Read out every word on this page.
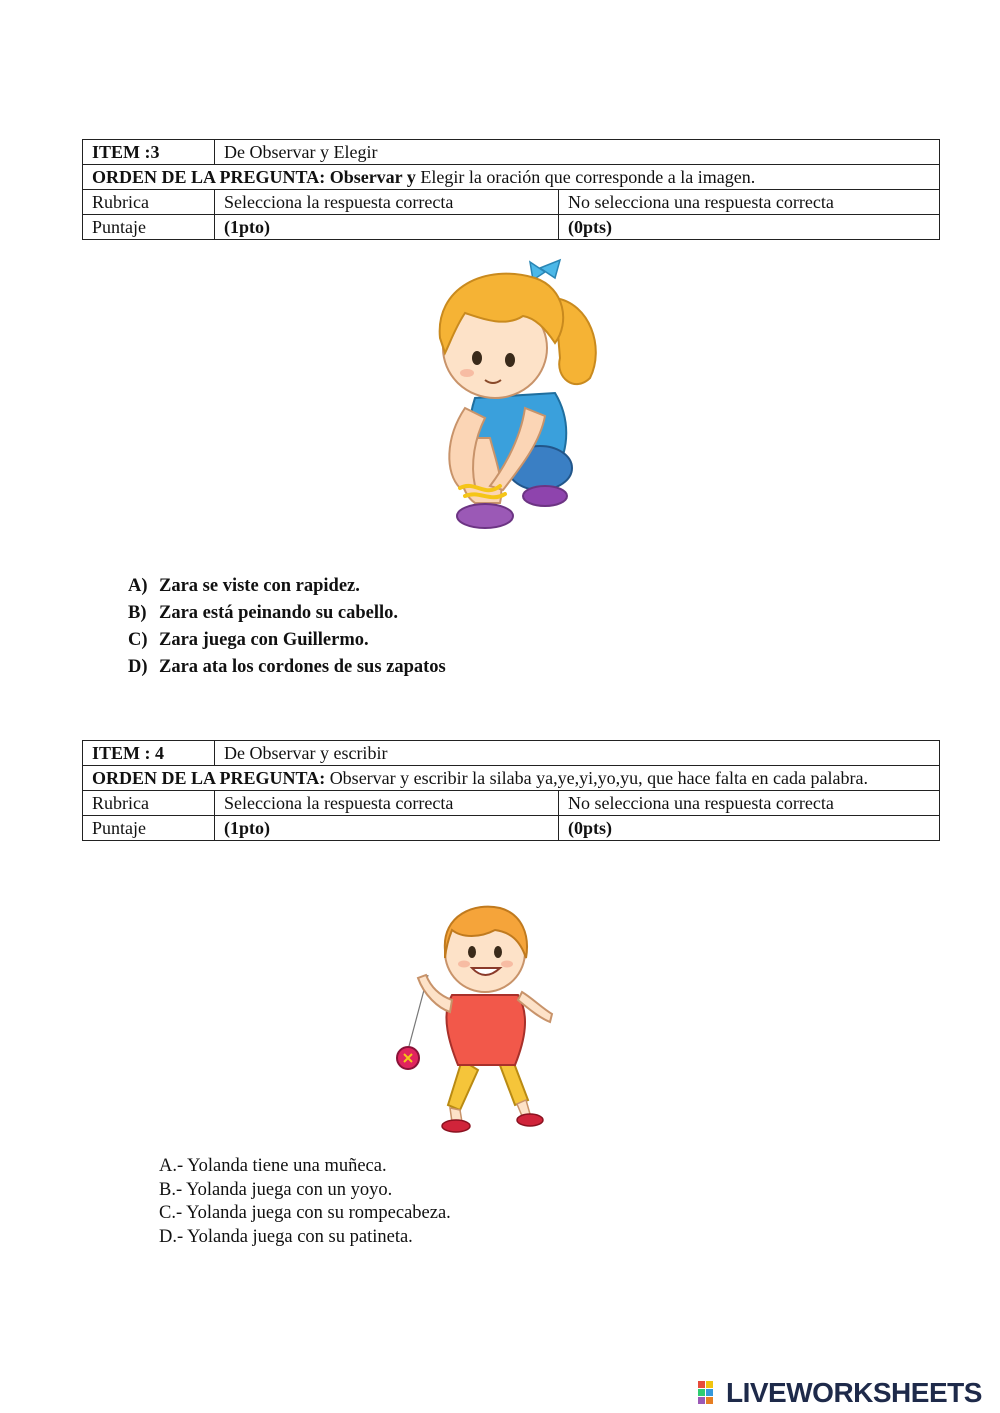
ITEM :3	De Observar y Elegir	
ORDEN DE LA PREGUNTA: Observar y Elegir la oración que corresponde a la imagen.		
Rubrica	Selecciona la respuesta correcta	No selecciona una respuesta correcta
Puntaje	(1pto)	(0pts)
A) Zara se viste con rapidez.
B) Zara está peinando su cabello.
C) Zara juega con Guillermo.
D) Zara ata los cordones de sus zapatos
ITEM : 4	De Observar y escribir	
ORDEN DE LA PREGUNTA: Observar y escribir la silaba ya,ye,yi,yo,yu, que hace falta en cada palabra.		
Rubrica	Selecciona la respuesta correcta	No selecciona una respuesta correcta
Puntaje	(1pto)	(0pts)
A.- Yolanda tiene una muñeca.
B.- Yolanda juega con un yoyo.
C.- Yolanda juega con su rompecabeza.
D.- Yolanda juega con su patineta.
LIVEWORKSHEETS
